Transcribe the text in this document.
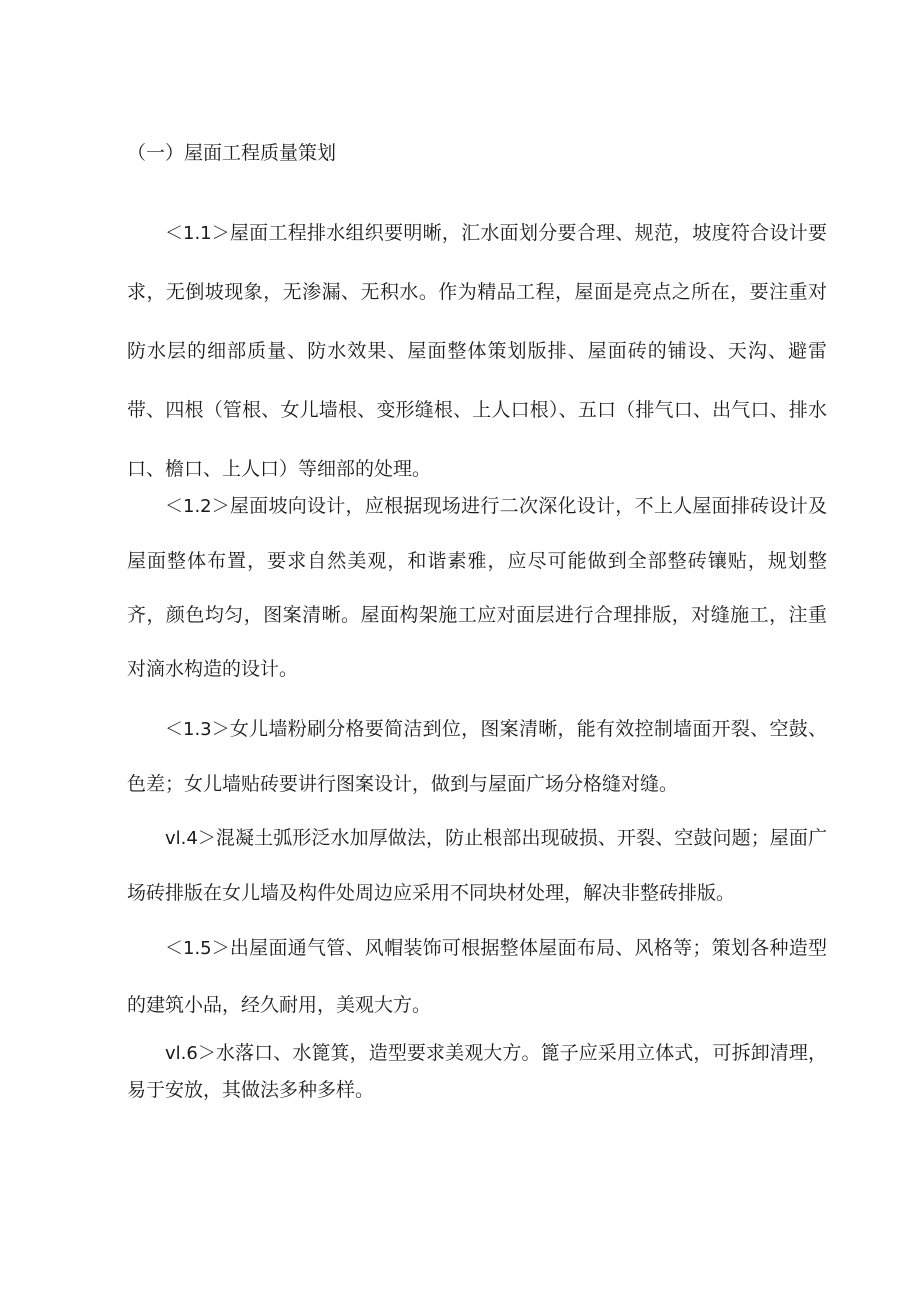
（一）屋面工程质量策划

＜1.1＞屋面工程排水组织要明晰，汇水面划分要合理、规范，坡度符合设计要求，无倒坡现象，无渗漏、无积水。作为精品工程，屋面是亮点之所在，要注重对防水层的细部质量、防水效果、屋面整体策划版排、屋面砖的铺设、天沟、避雷带、四根（管根、女儿墙根、变形缝根、上人口根）、五口（排气口、出气口、排水口、檐口、上人口）等细部的处理。

＜1.2＞屋面坡向设计，应根据现场进行二次深化设计，不上人屋面排砖设计及屋面整体布置，要求自然美观，和谐素雅，应尽可能做到全部整砖镶贴，规划整齐，颜色均匀，图案清晰。屋面构架施工应对面层进行合理排版，对缝施工，注重对滴水构造的设计。

＜1.3＞女儿墙粉刷分格要简洁到位，图案清晰，能有效控制墙面开裂、空鼓、色差；女儿墙贴砖要讲行图案设计，做到与屋面广场分格缝对缝。

vl.4＞混凝土弧形泛水加厚做法，防止根部出现破损、开裂、空鼓问题；屋面广场砖排版在女儿墙及构件处周边应采用不同块材处理，解决非整砖排版。

＜1.5＞出屋面通气管、风帽装饰可根据整体屋面布局、风格等；策划各种造型的建筑小品，经久耐用，美观大方。

vl.6＞水落口、水篦箕，造型要求美观大方。篦子应采用立体式，可拆卸清理，易于安放，其做法多种多样。
